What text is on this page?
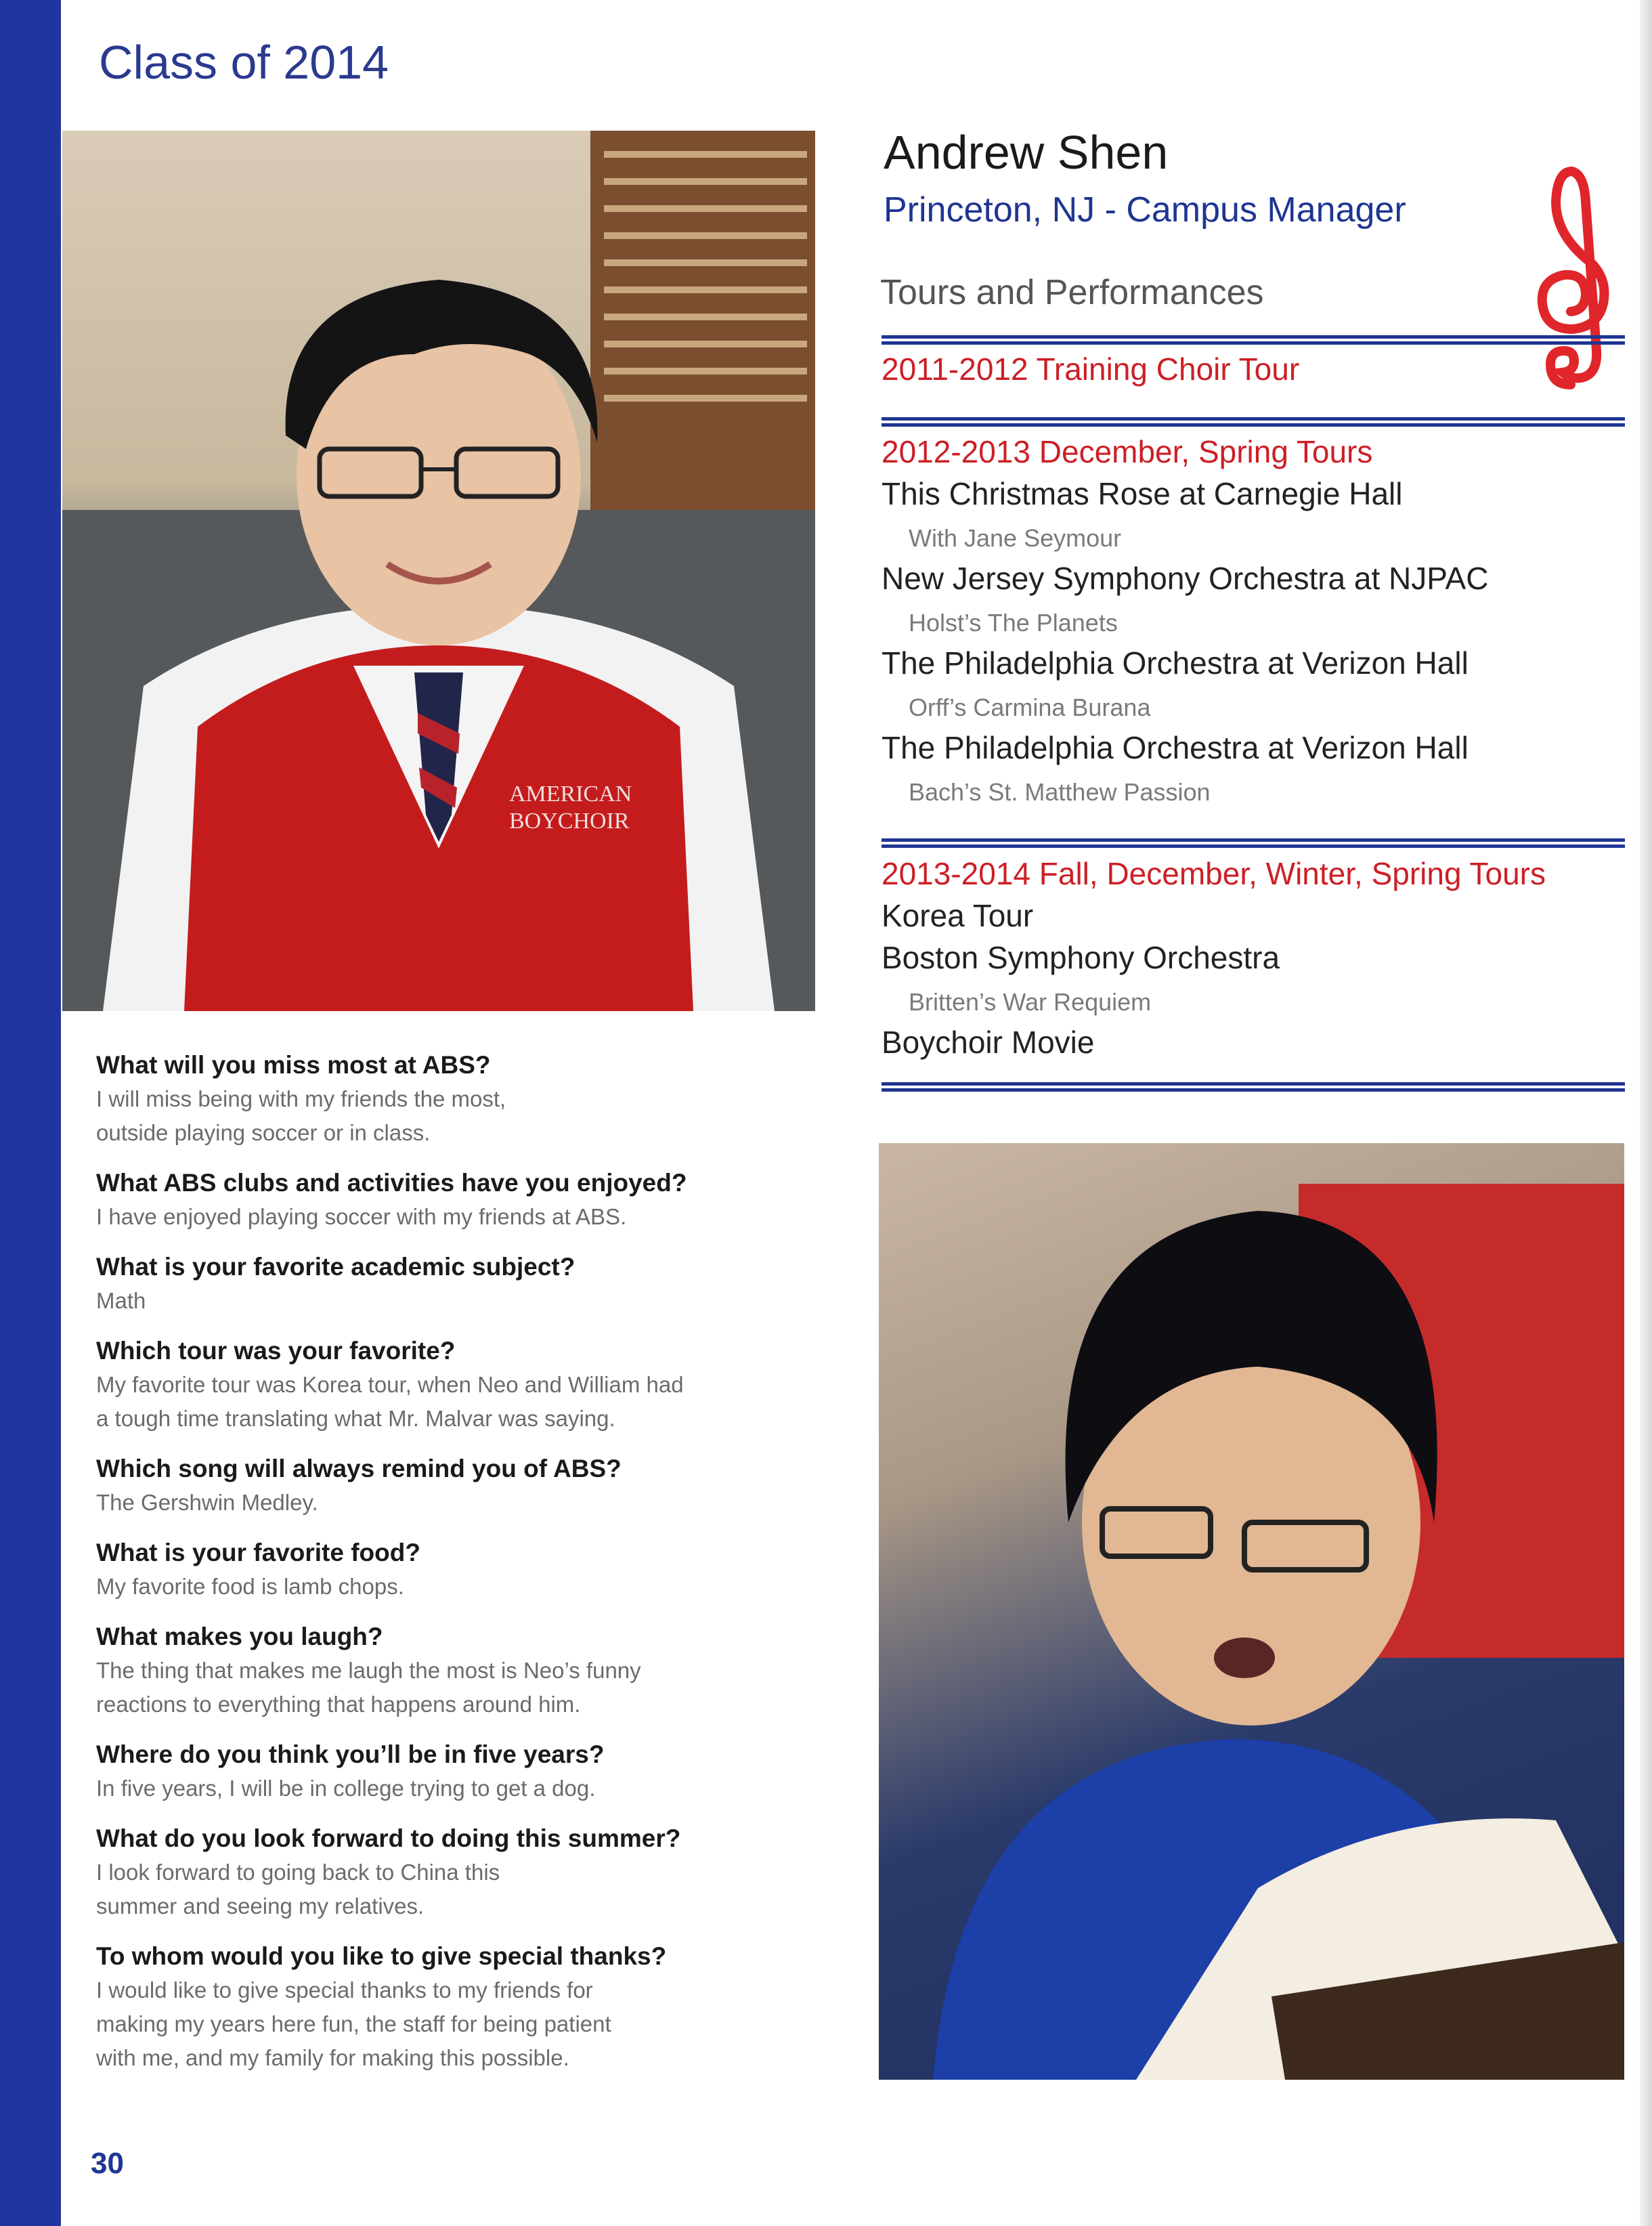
Class of 2014
AMERICAN
BOYCHOIR
Andrew Shen
Princeton, NJ - Campus Manager
Tours and Performances
2011-2012 Training Choir Tour
2012-2013 December, Spring Tours
This Christmas Rose at Carnegie Hall
With Jane Seymour
New Jersey Symphony Orchestra at NJPAC
Holst’s The Planets
The Philadelphia Orchestra at Verizon Hall
Orff’s Carmina Burana
The Philadelphia Orchestra at Verizon Hall
Bach’s St. Matthew Passion
2013-2014 Fall, December, Winter, Spring Tours
Korea Tour
Boston Symphony Orchestra
Britten’s War Requiem
Boychoir Movie
What will you miss most at ABS?
I will miss being with my friends the most,
outside playing soccer or in class.
What ABS clubs and activities have you enjoyed?
I have enjoyed playing soccer with my friends at ABS.
What is your favorite academic subject?
Math
Which tour was your favorite?
My favorite tour was Korea tour, when Neo and William had
a tough time translating what Mr. Malvar was saying.
Which song will always remind you of ABS?
The Gershwin Medley.
What is your favorite food?
My favorite food is lamb chops.
What makes you laugh?
The thing that makes me laugh the most is Neo’s funny
reactions to everything that happens around him.
Where do you think you’ll be in five years?
In five years, I will be in college trying to get a dog.
What do you look forward to doing this summer?
I look forward to going back to China this
summer and seeing my relatives.
To whom would you like to give special thanks?
I would like to give special thanks to my friends for
making my years here fun, the staff for being patient
with me, and my family for making this possible.
30
